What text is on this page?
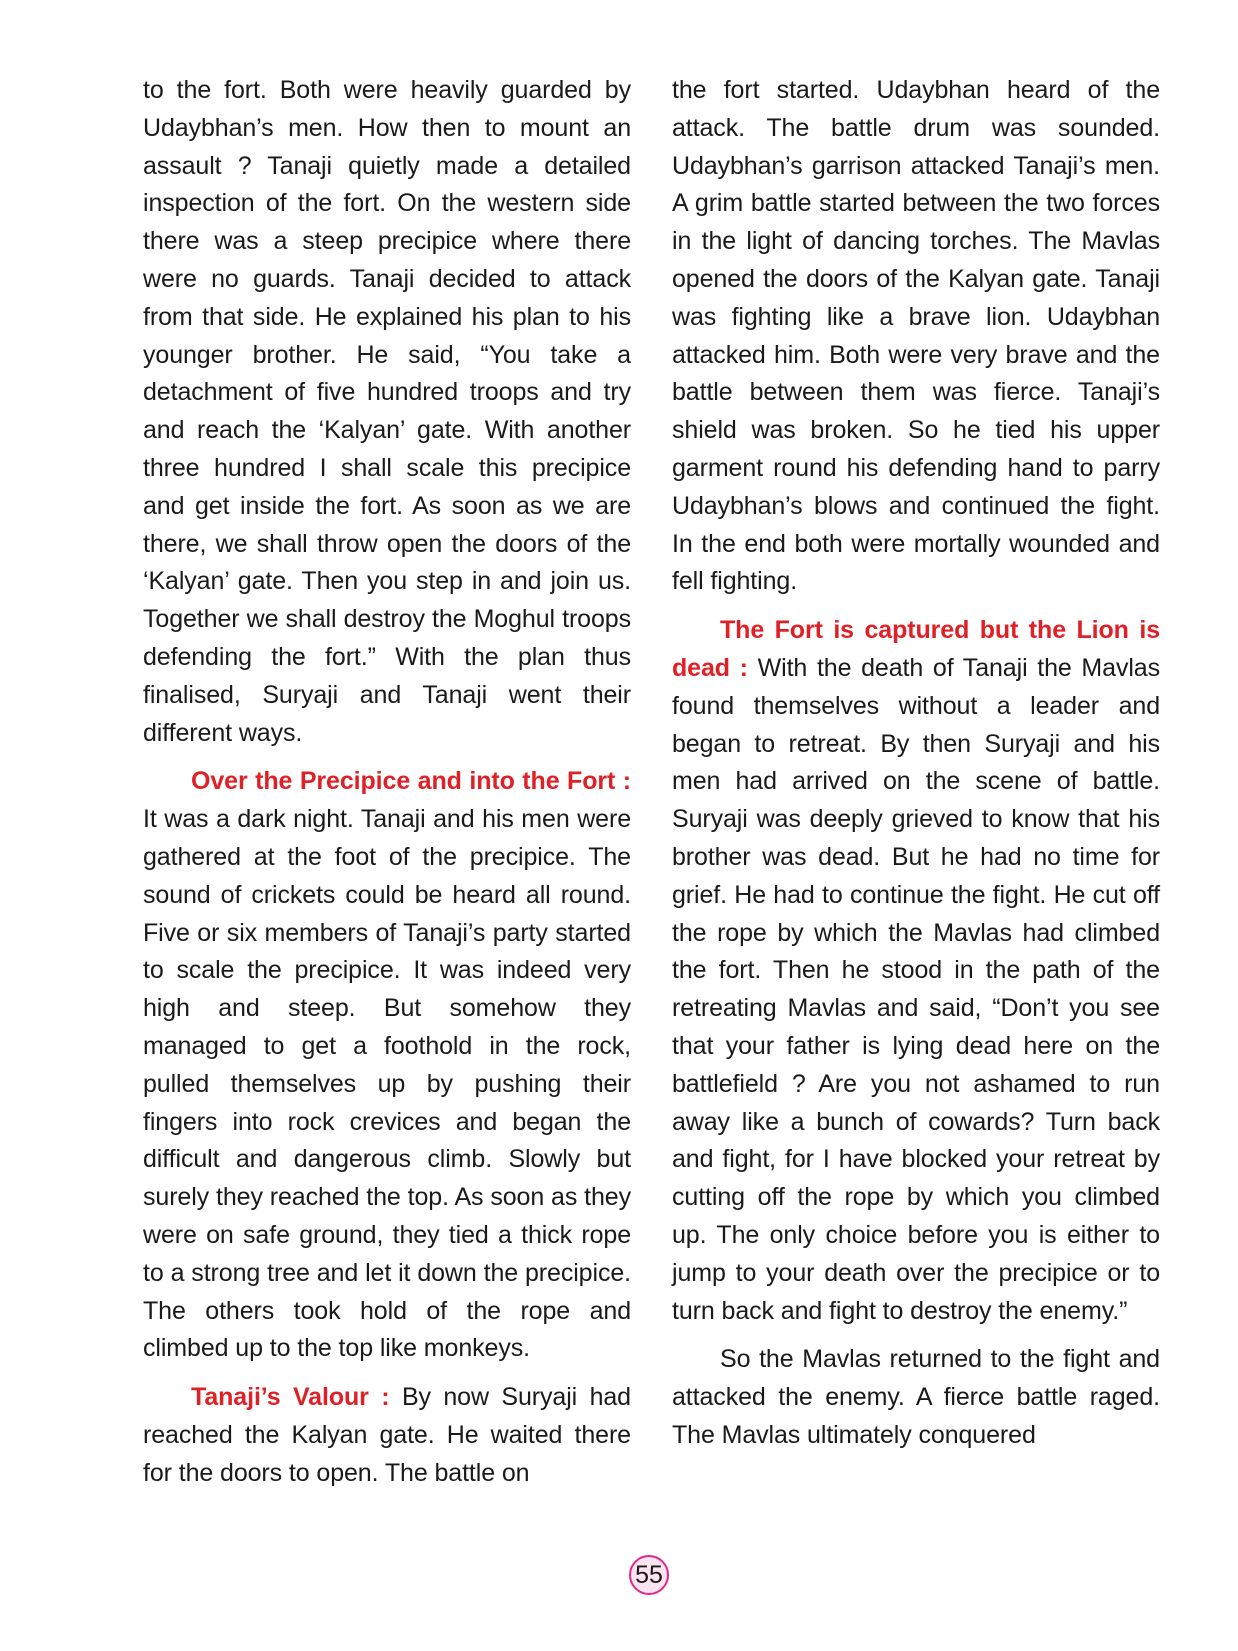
to the fort. Both were heavily guarded by Udaybhan’s men. How then to mount an assault ? Tanaji quietly made a detailed inspection of the fort. On the western side there was a steep precipice where there were no guards. Tanaji decided to attack from that side. He explained his plan to his younger brother. He said, “You take a detachment of five hundred troops and try and reach the ‘Kalyan’ gate. With another three hundred I shall scale this precipice and get inside the fort. As soon as we are there, we shall throw open the doors of the ‘Kalyan’ gate. Then you step in and join us. Together we shall destroy the Moghul troops defending the fort.” With the plan thus finalised, Suryaji and Tanaji went their different ways.

Over the Precipice and into the Fort : It was a dark night. Tanaji and his men were gathered at the foot of the precipice. The sound of crickets could be heard all round. Five or six members of Tanaji’s party started to scale the precipice. It was indeed very high and steep. But somehow they managed to get a foothold in the rock, pulled themselves up by pushing their fingers into rock crevices and began the difficult and dangerous climb. Slowly but surely they reached the top. As soon as they were on safe ground, they tied a thick rope to a strong tree and let it down the precipice. The others took hold of the rope and climbed up to the top like monkeys.

Tanaji’s Valour : By now Suryaji had reached the Kalyan gate. He waited there for the doors to open. The battle on

the fort started. Udaybhan heard of the attack. The battle drum was sounded. Udaybhan’s garrison attacked Tanaji’s men. A grim battle started between the two forces in the light of dancing torches. The Mavlas opened the doors of the Kalyan gate. Tanaji was fighting like a brave lion. Udaybhan attacked him. Both were very brave and the battle between them was fierce. Tanaji’s shield was broken. So he tied his upper garment round his defending hand to parry Udaybhan’s blows and continued the fight. In the end both were mortally wounded and fell fighting.

The Fort is captured but the Lion is dead : With the death of Tanaji the Mavlas found themselves without a leader and began to retreat. By then Suryaji and his men had arrived on the scene of battle. Suryaji was deeply grieved to know that his brother was dead. But he had no time for grief. He had to continue the fight. He cut off the rope by which the Mavlas had climbed the fort. Then he stood in the path of the retreating Mavlas and said, “Don’t you see that your father is lying dead here on the battlefield ? Are you not ashamed to run away like a bunch of cowards? Turn back and fight, for I have blocked your retreat by cutting off the rope by which you climbed up. The only choice before you is either to jump to your death over the precipice or to turn back and fight to destroy the enemy.”

So the Mavlas returned to the fight and attacked the enemy. A fierce battle raged. The Mavlas ultimately conquered

55
